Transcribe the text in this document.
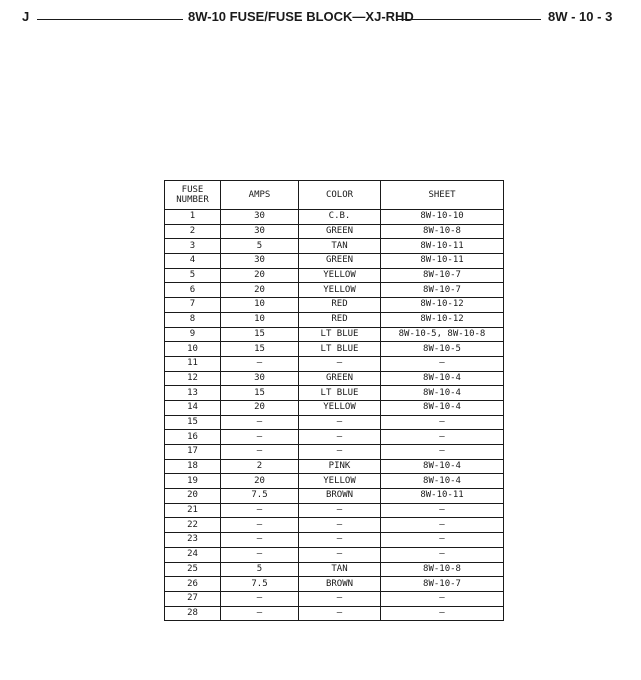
J	8W-10 FUSE/FUSE BLOCK—XJ-RHD	8W - 10 - 3
FUSE
NUMBER	AMPS	COLOR	SHEET
1	30	C.B.	8W-10-10
2	30	GREEN	8W-10-8
3	5	TAN	8W-10-11
4	30	GREEN	8W-10-11
5	20	YELLOW	8W-10-7
6	20	YELLOW	8W-10-7
7	10	RED	8W-10-12
8	10	RED	8W-10-12
9	15	LT BLUE	8W-10-5, 8W-10-8
10	15	LT BLUE	8W-10-5
11	—	—	—
12	30	GREEN	8W-10-4
13	15	LT BLUE	8W-10-4
14	20	YELLOW	8W-10-4
15	—	—	—
16	—	—	—
17	—	—	—
18	2	PINK	8W-10-4
19	20	YELLOW	8W-10-4
20	7.5	BROWN	8W-10-11
21	—	—	—
22	—	—	—
23	—	—	—
24	—	—	—
25	5	TAN	8W-10-8
26	7.5	BROWN	8W-10-7
27	—	—	—
28	—	—	—
